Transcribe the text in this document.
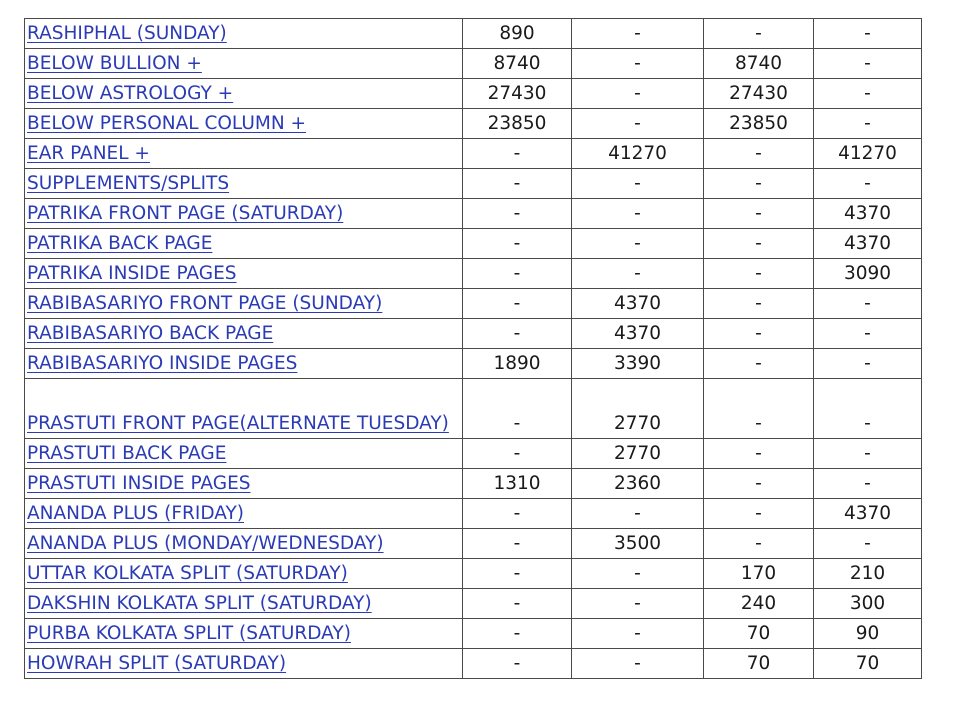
RASHIPHAL (SUNDAY)	890	-	-	-
BELOW BULLION +	8740	-	8740	-
BELOW ASTROLOGY +	27430	-	27430	-
BELOW PERSONAL COLUMN +	23850	-	23850	-
EAR PANEL +	-	41270	-	41270
SUPPLEMENTS/SPLITS	-	-	-	-
PATRIKA FRONT PAGE (SATURDAY)	-	-	-	4370
PATRIKA BACK PAGE	-	-	-	4370
PATRIKA INSIDE PAGES	-	-	-	3090
RABIBASARIYO FRONT PAGE (SUNDAY)	-	4370	-	-
RABIBASARIYO BACK PAGE	-	4370	-	-
RABIBASARIYO INSIDE PAGES	1890	3390	-	-
PRASTUTI FRONT PAGE(ALTERNATE TUESDAY)	-	2770	-	-
PRASTUTI BACK PAGE	-	2770	-	-
PRASTUTI INSIDE PAGES	1310	2360	-	-
ANANDA PLUS (FRIDAY)	-	-	-	4370
ANANDA PLUS (MONDAY/WEDNESDAY)	-	3500	-	-
UTTAR KOLKATA SPLIT (SATURDAY)	-	-	170	210
DAKSHIN KOLKATA SPLIT (SATURDAY)	-	-	240	300
PURBA KOLKATA SPLIT (SATURDAY)	-	-	70	90
HOWRAH SPLIT (SATURDAY)	-	-	70	70
